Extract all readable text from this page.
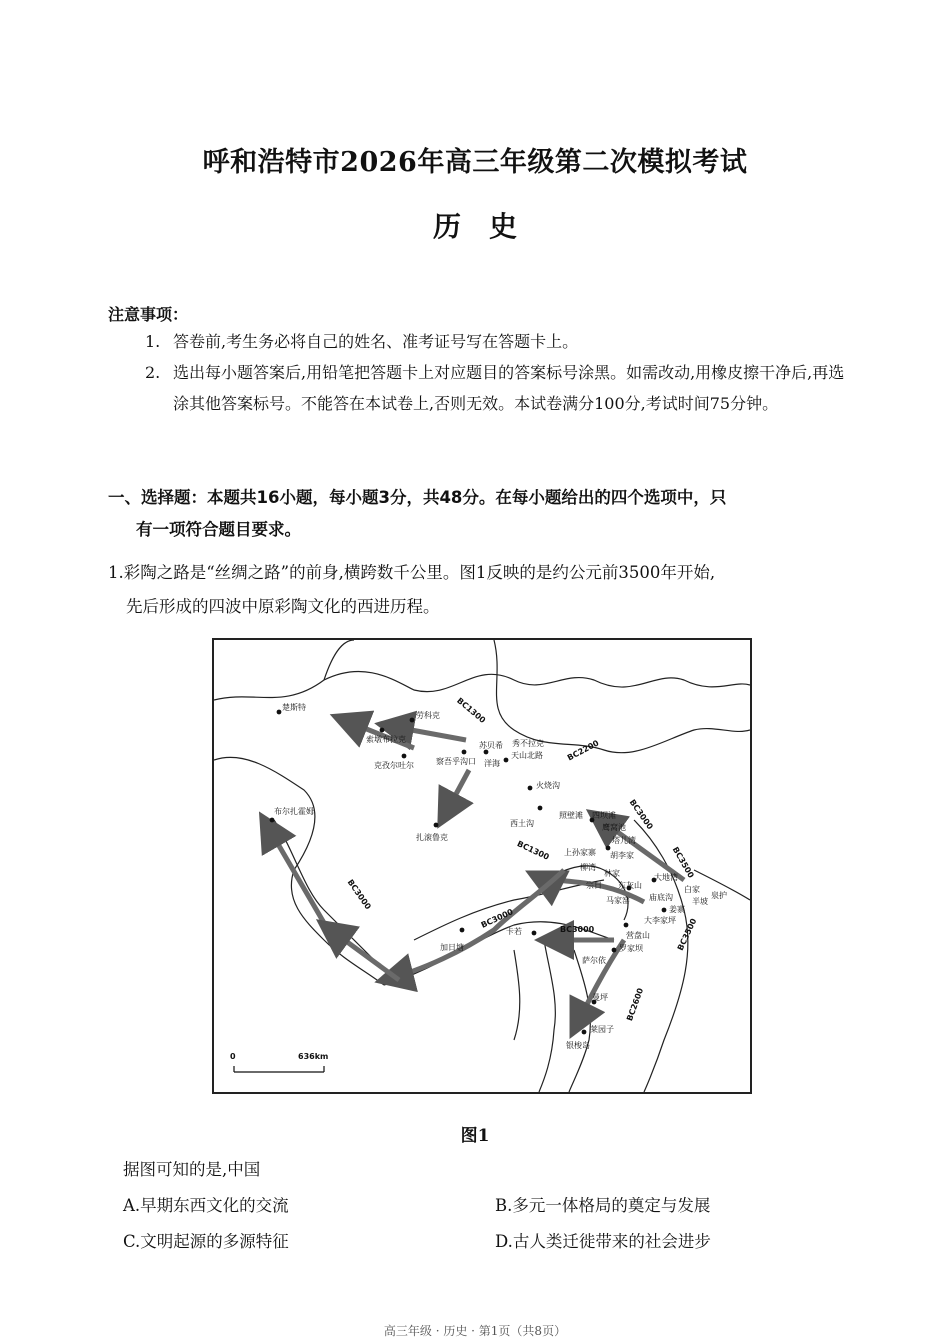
呼和浩特市2026年高三年级第二次模拟考试
历史
注意事项：
1. 答卷前,考生务必将自己的姓名、准考证号写在答题卡上。
2. 选出每小题答案后,用铅笔把答题卡上对应题目的答案标号涂黑。如需改动,用橡皮擦干净后,再选涂其他答案标号。不能答在本试卷上,否则无效。本试卷满分100分,考试时间75分钟。
一、选择题：本题共16小题，每小题3分，共48分。在每小题给出的四个选项中，只
有一项符合题目要求。
1.彩陶之路是“丝绸之路”的前身,横跨数千公里。图1反映的是约公元前3500年开始,
先后形成的四波中原彩陶文化的西进历程。
楚斯特
劳科克
索墩布拉克
克孜尔吐尔	察吾乎沟口
苏贝希
洋海
天山北路
扎滚鲁克
火烧沟
西土沟
四坝滩
照壁滩
鹰窝池
塔儿湾
上孙家寨
柳湾
胡李家
宗日
林家
马家窑
大地湾
白家
半坡
庙底沟	泉护
姜寨
大李家坪
营盘山
罗家坝
萨尔依
加日塘
卡若
曼坪
莱园子
银梭岛
布尔扎霍姆
秀不拉克
东灰山
BC1300
BC2200
BC3000
BC3500
BC1300
BC3000
BC3000	BC3000	BC3500
BC2600
0	636km
图1
据图可知的是,中国
A.早期东西文化的交流	B.多元一体格局的奠定与发展
C.文明起源的多源特征	D.古人类迁徙带来的社会进步
高三年级 · 历史 · 第1页（共8页）
